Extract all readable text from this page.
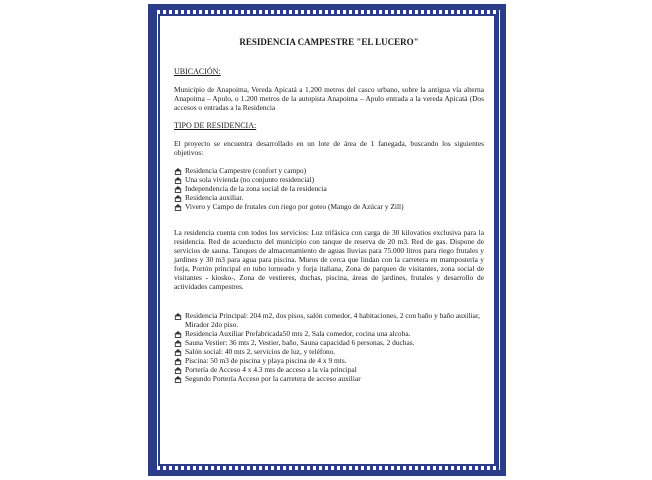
RESIDENCIA CAMPESTRE "EL LUCERO"
UBICACIÓN:

Municipio de Anapoima, Vereda Apicatá a 1.200 metros del casco urbano, sobre la antigua vía alterna Anapoima – Apulo, o 1.200 metros de la autopista Anapoima – Apulo entrada a la vereda Apicatá (Dos accesos o entradas a la Residencia

TIPO DE RESIDENCIA:

El proyecto se encuentra desarrollado en un lote de área de 1 fanegada, buscando los siguientes objetivos:

Residencia Campestre (confort y campo)
Una sola vivienda (no conjunto residencial)
Independencia de la zona social de la residencia
Residencia auxiliar.
Vivero y Campo de frutales con riego por goteo (Mango de Azúcar y Zill)

La residencia cuenta con todos los servicios: Luz trifásica con carga de 30 kilovatios exclusiva para la residencia. Red de acueducto del municipio con tanque de reserva de 20 m3. Red de gas. Dispone de servicios de sauna. Tanques de almacenamiento de aguas lluvias para 75.000 litros para riego frutales y jardines y 30 m3 para agua para piscina. Muros de cerca que lindan con la carretera en mampostería y forja, Portón principal en tubo torneado y forja italiana, Zona de parqueo de visitantes, zona social de visitantes - kiosko-, Zona de vestieres, duchas, piscina, áreas de jardines, frutales y desarrollo de actividades campestres.

Residencia Principal: 204 m2, dos pisos, salón comedor, 4 habitaciones, 2 con baño y baño auxiliar, Mirador 2do piso.
Residencia Auxiliar Prefabricada50 mts 2, Sala comedor, cocina una alcoba.
Sauna Vestier: 36 mts 2, Vestier, baño, Sauna capacidad 6 personas, 2 duchas.
Salón social: 40 mts 2, servicios de luz, y teléfono.
Piscina: 50 m3 de piscina y playa piscina de 4 x 9 mts.
Portería de Acceso 4 x 4.3 mts de acceso a la vía principal
Segundo Portería Acceso por la carretera de acceso auxiliar
